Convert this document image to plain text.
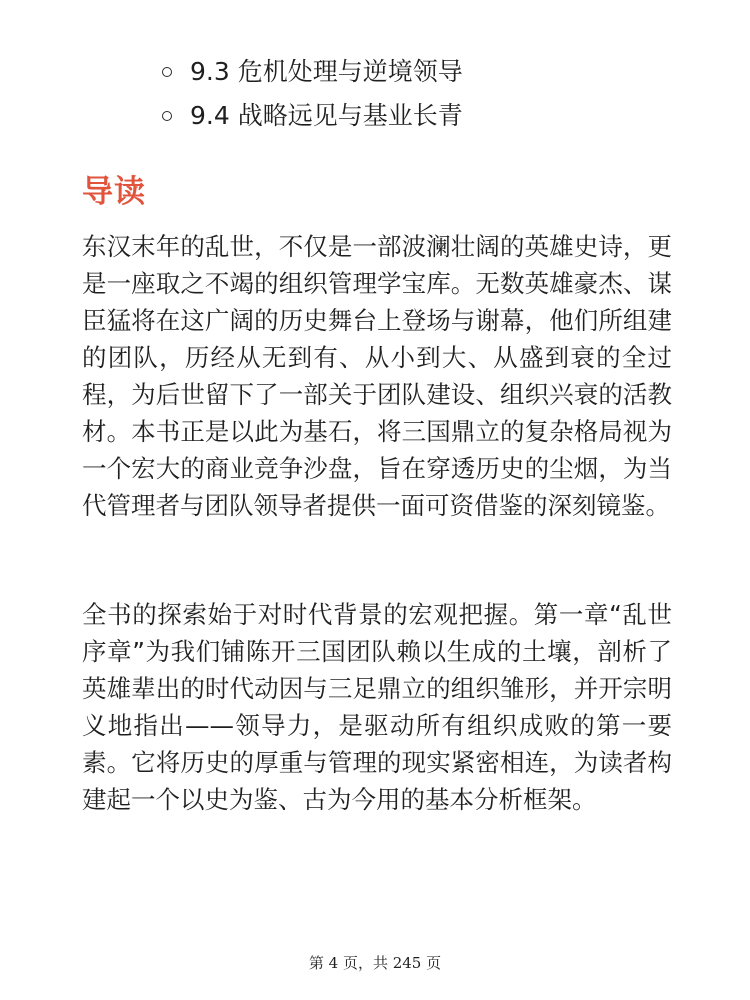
9.3 危机处理与逆境领导
9.4 战略远见与基业长青
导读

东汉末年的乱世，不仅是一部波澜壮阔的英雄史诗，更是一座取之不竭的组织管理学宝库。无数英雄豪杰、谋臣猛将在这广阔的历史舞台上登场与谢幕，他们所组建的团队，历经从无到有、从小到大、从盛到衰的全过程，为后世留下了一部关于团队建设、组织兴衰的活教材。本书正是以此为基石，将三国鼎立的复杂格局视为一个宏大的商业竞争沙盘，旨在穿透历史的尘烟，为当代管理者与团队领导者提供一面可资借鉴的深刻镜鉴。

全书的探索始于对时代背景的宏观把握。第一章“乱世序章”为我们铺陈开三国团队赖以生成的土壤，剖析了英雄辈出的时代动因与三足鼎立的组织雏形，并开宗明义地指出——领导力，是驱动所有组织成败的第一要素。它将历史的厚重与管理的现实紧密相连，为读者构建起一个以史为鉴、古为今用的基本分析框架。

第 4 页，共 245 页
